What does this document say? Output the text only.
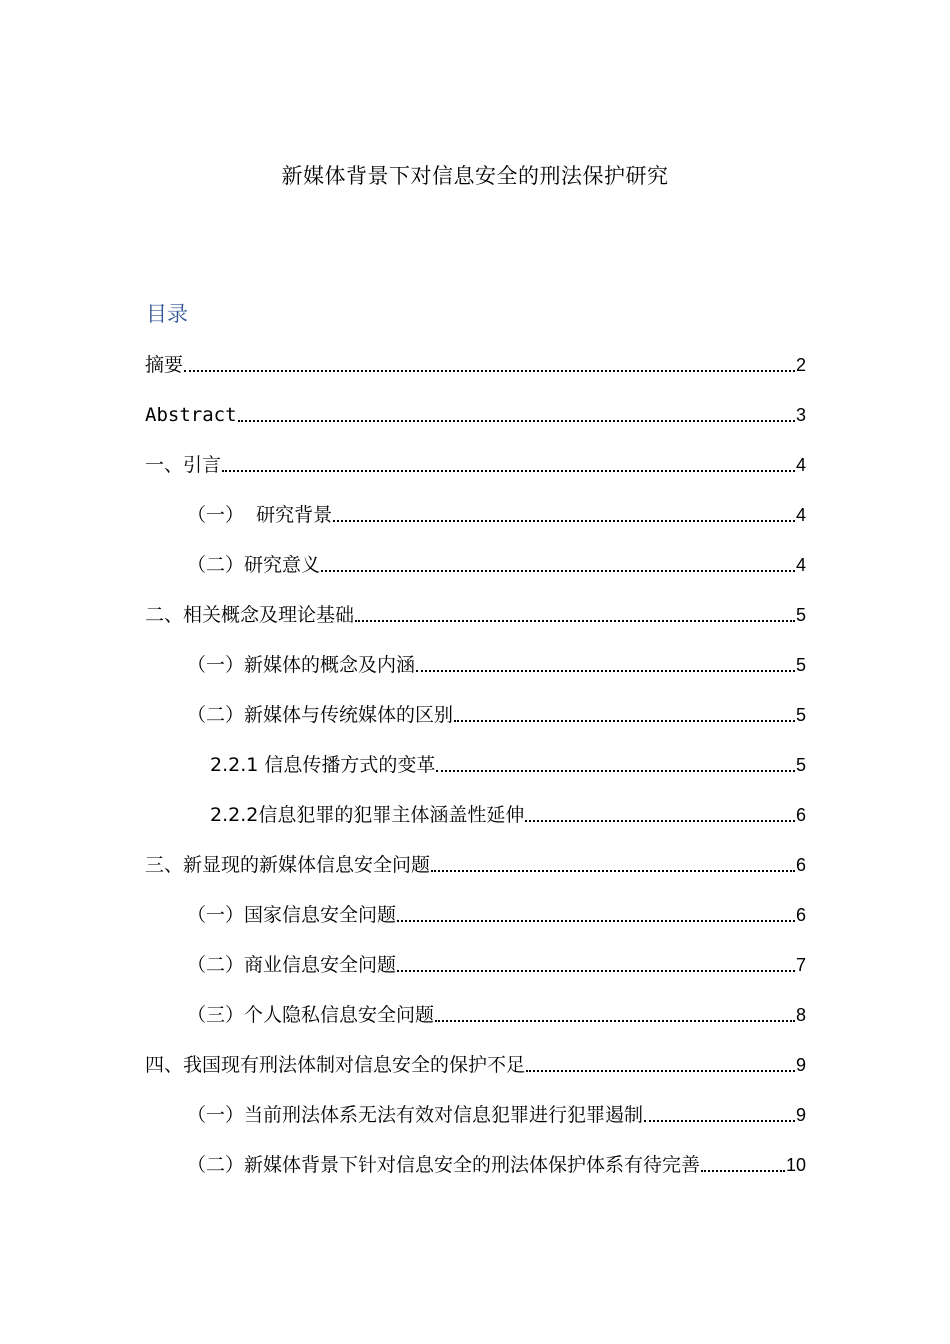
新媒体背景下对信息安全的刑法保护研究
目录
摘要	2
Abstract	3
一、引言	4
（一）  研究背景	4
（二）研究意义	4
二、相关概念及理论基础	5
（一）新媒体的概念及内涵	5
（二）新媒体与传统媒体的区别	5
2.2.1 信息传播方式的变革	5
2.2.2信息犯罪的犯罪主体涵盖性延伸	6
三、新显现的新媒体信息安全问题	6
（一）国家信息安全问题	6
（二）商业信息安全问题	7
（三）个人隐私信息安全问题	8
四、我国现有刑法体制对信息安全的保护不足	9
（一）当前刑法体系无法有效对信息犯罪进行犯罪遏制	9
（二）新媒体背景下针对信息安全的刑法体保护体系有待完善	10
